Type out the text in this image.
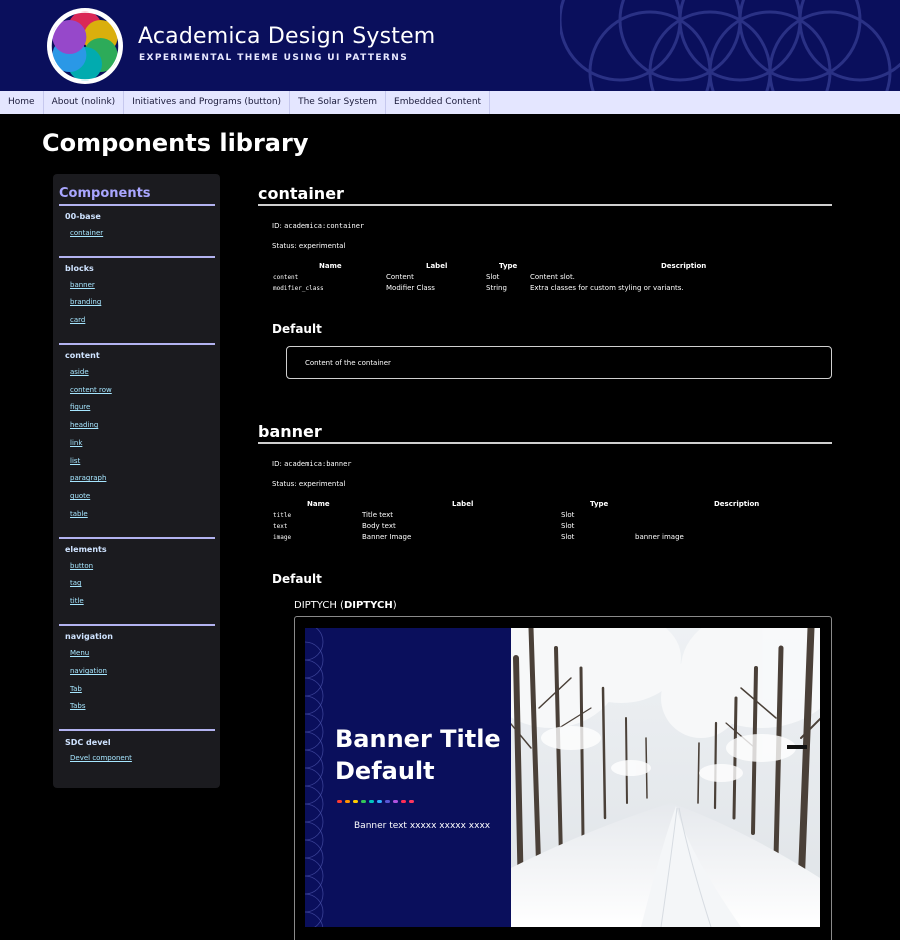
Academica Design System
EXPERIMENTAL THEME USING UI PATTERNS
Home	About (nolink)	Initiatives and Programs (button)	The Solar System	Embedded Content
Components library
Components
00-base
container
blocks
banner
branding
card
content
aside
content row
figure
heading
link
list
paragraph
quote
table
elements
button
tag
title
navigation
Menu
navigation
Tab
Tabs
SDC devel
Devel component
container
ID: academica:container
Status: experimental
Name	Label	Type	Description
content	Content	Slot	Content slot.
modifier_class	Modifier Class	String	Extra classes for custom styling or variants.
Default
Content of the container
banner
ID: academica:banner
Status: experimental
Name	Label	Type	Description
title	Title text	Slot
text	Body text	Slot
image	Banner Image	Slot	banner image
Default
DIPTYCH (DIPTYCH)
Banner Title Default
Banner text xxxxx xxxxx xxxx
